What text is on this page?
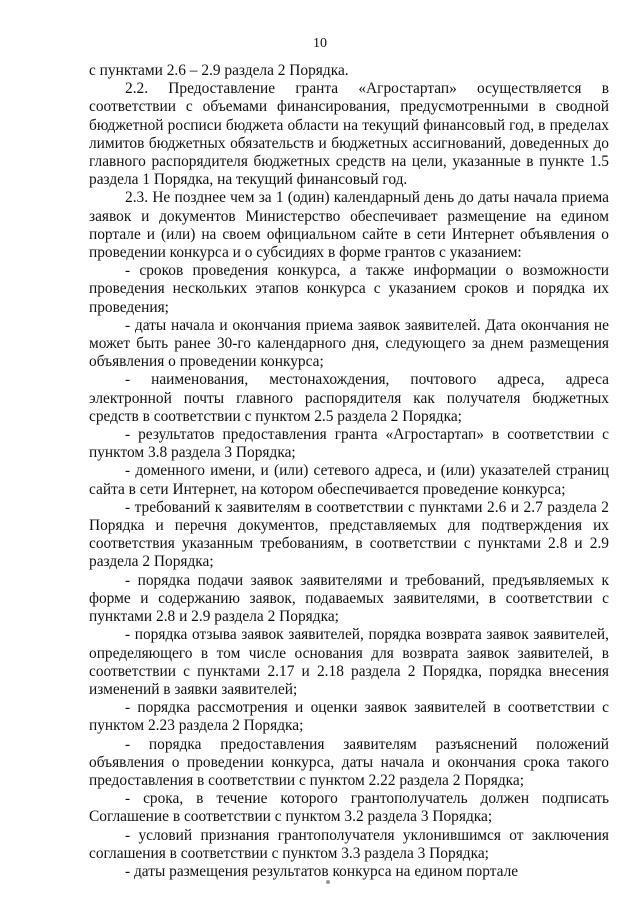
10

с пунктами 2.6 – 2.9 раздела 2 Порядка.

2.2. Предоставление гранта «Агростартап» осуществляется в соответствии с объемами финансирования, предусмотренными в сводной бюджетной росписи бюджета области на текущий финансовый год, в пределах лимитов бюджетных обязательств и бюджетных ассигнований, доведенных до главного распорядителя бюджетных средств на цели, указанные в пункте 1.5 раздела 1 Порядка, на текущий финансовый год.

2.3. Не позднее чем за 1 (один) календарный день до даты начала приема заявок и документов Министерство обеспечивает размещение на едином портале и (или) на своем официальном сайте в сети Интернет объявления о проведении конкурса и о субсидиях в форме грантов с указанием:

- сроков проведения конкурса, а также информации о возможности проведения нескольких этапов конкурса с указанием сроков и порядка их проведения;

- даты начала и окончания приема заявок заявителей. Дата окончания не может быть ранее 30-го календарного дня, следующего за днем размещения объявления о проведении конкурса;

- наименования, местонахождения, почтового адреса, адреса электронной почты главного распорядителя как получателя бюджетных средств в соответствии с пунктом 2.5 раздела 2 Порядка;

- результатов предоставления гранта «Агростартап» в соответствии с пунктом 3.8 раздела 3 Порядка;

- доменного имени, и (или) сетевого адреса, и (или) указателей страниц сайта в сети Интернет, на котором обеспечивается проведение конкурса;

- требований к заявителям в соответствии с пунктами 2.6 и 2.7 раздела 2 Порядка и перечня документов, представляемых для подтверждения их соответствия указанным требованиям, в соответствии с пунктами 2.8 и 2.9 раздела 2 Порядка;

- порядка подачи заявок заявителями и требований, предъявляемых к форме и содержанию заявок, подаваемых заявителями, в соответствии с пунктами 2.8 и 2.9 раздела 2 Порядка;

- порядка отзыва заявок заявителей, порядка возврата заявок заявителей, определяющего в том числе основания для возврата заявок заявителей, в соответствии с пунктами 2.17 и 2.18 раздела 2 Порядка, порядка внесения изменений в заявки заявителей;

- порядка рассмотрения и оценки заявок заявителей в соответствии с пунктом 2.23 раздела 2 Порядка;

- порядка предоставления заявителям разъяснений положений объявления о проведении конкурса, даты начала и окончания срока такого предоставления в соответствии с пунктом 2.22 раздела 2 Порядка;

- срока, в течение которого грантополучатель должен подписать Соглашение в соответствии с пунктом 3.2 раздела 3 Порядка;

- условий признания грантополучателя уклонившимся от заключения соглашения в соответствии с пунктом 3.3 раздела 3 Порядка;

- даты размещения результатов конкурса на едином портале
